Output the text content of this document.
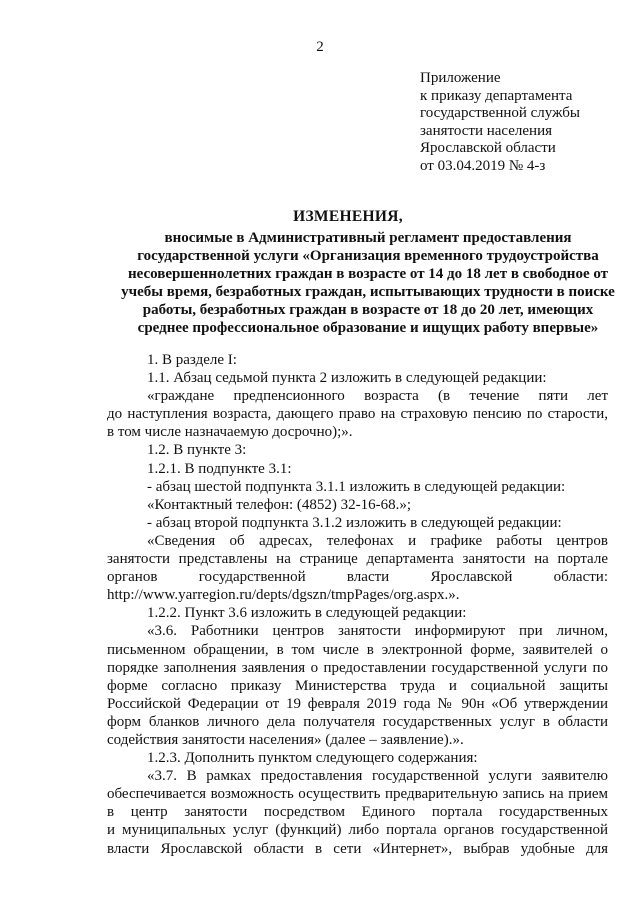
2
Приложение
к приказу департамента
государственной службы
занятости населения
Ярославской области
от 03.04.2019 № 4-з
ИЗМЕНЕНИЯ,
вносимые в Административный регламент предоставления
государственной услуги «Организация временного трудоустройства
несовершеннолетних граждан в возрасте от 14 до 18 лет в свободное от
учебы время, безработных граждан, испытывающих трудности в поиске
работы, безработных граждан в возрасте от 18 до 20 лет, имеющих
среднее профессиональное образование и ищущих работу впервые»
1. В разделе I:
1.1. Абзац седьмой пункта 2 изложить в следующей редакции:
«граждане предпенсионного возраста (в течение пяти лет
до наступления возраста, дающего право на страховую пенсию по старости,
в том числе назначаемую досрочно);».
1.2. В пункте 3:
1.2.1. В подпункте 3.1:
- абзац шестой подпункта 3.1.1 изложить в следующей редакции:
«Контактный телефон: (4852) 32-16-68.»;
- абзац второй подпункта 3.1.2 изложить в следующей редакции:
«Сведения об адресах, телефонах и графике работы центров
занятости представлены на странице департамента занятости на портале
органов государственной власти Ярославской области:
http://www.yarregion.ru/depts/dgszn/tmpPages/org.aspx.».
1.2.2. Пункт 3.6 изложить в следующей редакции:
«3.6. Работники центров занятости информируют при личном,
письменном обращении, в том числе в электронной форме, заявителей о
порядке заполнения заявления о предоставлении государственной услуги по
форме согласно приказу Министерства труда и социальной защиты
Российской Федерации от 19 февраля 2019 года № 90н «Об утверждении
форм бланков личного дела получателя государственных услуг в области
содействия занятости населения» (далее – заявление).».
1.2.3. Дополнить пунктом следующего содержания:
«3.7. В рамках предоставления государственной услуги заявителю
обеспечивается возможность осуществить предварительную запись на прием
в центр занятости посредством Единого портала государственных
и муниципальных услуг (функций) либо портала органов государственной
власти Ярославской области в сети «Интернет», выбрав удобные для
